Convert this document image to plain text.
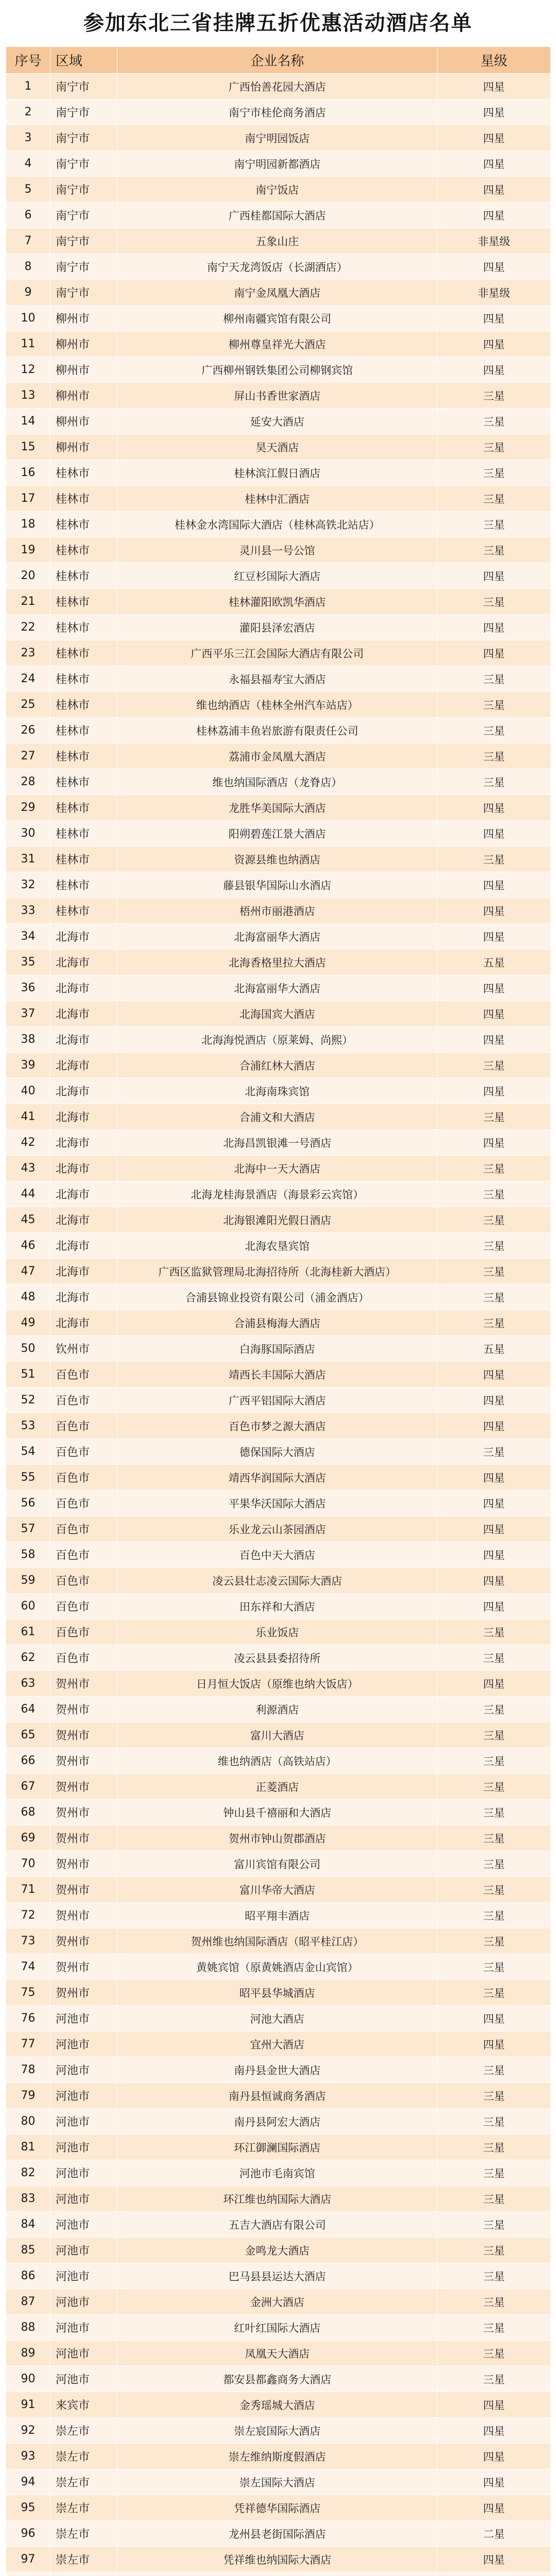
参加东北三省挂牌五折优惠活动酒店名单
序号	区域	企业名称	星级
1	南宁市	广西怡善花园大酒店	四星
2	南宁市	南宁市桂伦商务酒店	四星
3	南宁市	南宁明园饭店	四星
4	南宁市	南宁明园新都酒店	四星
5	南宁市	南宁饭店	四星
6	南宁市	广西桂都国际大酒店	四星
7	南宁市	五象山庄	非星级
8	南宁市	南宁天龙湾饭店（长湖酒店）	四星
9	南宁市	南宁金凤凰大酒店	非星级
10	柳州市	柳州南疆宾馆有限公司	四星
11	柳州市	柳州尊皇祥光大酒店	四星
12	柳州市	广西柳州钢铁集团公司柳钢宾馆	四星
13	柳州市	屏山书香世家酒店	三星
14	柳州市	延安大酒店	三星
15	柳州市	昊天酒店	三星
16	桂林市	桂林滨江假日酒店	三星
17	桂林市	桂林中汇酒店	三星
18	桂林市	桂林金水湾国际大酒店（桂林高铁北站店）	三星
19	桂林市	灵川县一号公馆	三星
20	桂林市	红豆杉国际大酒店	四星
21	桂林市	桂林灌阳欧凯华酒店	三星
22	桂林市	灌阳县泽宏酒店	四星
23	桂林市	广西平乐三江会国际大酒店有限公司	四星
24	桂林市	永福县福寿宝大酒店	三星
25	桂林市	维也纳酒店（桂林全州汽车站店）	三星
26	桂林市	桂林荔浦丰鱼岩旅游有限责任公司	三星
27	桂林市	荔浦市金凤凰大酒店	三星
28	桂林市	维也纳国际酒店（龙脊店）	三星
29	桂林市	龙胜华美国际大酒店	四星
30	桂林市	阳朔碧莲江景大酒店	四星
31	桂林市	资源县维也纳酒店	三星
32	桂林市	藤县银华国际山水酒店	四星
33	桂林市	梧州市丽港酒店	四星
34	北海市	北海富丽华大酒店	四星
35	北海市	北海香格里拉大酒店	五星
36	北海市	北海富丽华大酒店	四星
37	北海市	北海国宾大酒店	四星
38	北海市	北海海悦酒店（原莱姆、尚熙）	四星
39	北海市	合浦红林大酒店	三星
40	北海市	北海南珠宾馆	四星
41	北海市	合浦文和大酒店	三星
42	北海市	北海昌凯银滩一号酒店	四星
43	北海市	北海中一天大酒店	三星
44	北海市	北海龙桂海景酒店（海景彩云宾馆）	三星
45	北海市	北海银滩阳光假日酒店	三星
46	北海市	北海农垦宾馆	三星
47	北海市	广西区监狱管理局北海招待所（北海桂新大酒店）	三星
48	北海市	合浦县锦业投资有限公司（浦金酒店）	三星
49	北海市	合浦县梅海大酒店	三星
50	钦州市	白海豚国际酒店	五星
51	百色市	靖西长丰国际大酒店	四星
52	百色市	广西平铝国际大酒店	四星
53	百色市	百色市梦之源大酒店	四星
54	百色市	德保国际大酒店	三星
55	百色市	靖西华润国际大酒店	四星
56	百色市	平果华沃国际大酒店	四星
57	百色市	乐业龙云山茶园酒店	四星
58	百色市	百色中天大酒店	四星
59	百色市	凌云县壮志凌云国际大酒店	四星
60	百色市	田东祥和大酒店	四星
61	百色市	乐业饭店	三星
62	百色市	凌云县县委招待所	三星
63	贺州市	日月恒大饭店（原维也纳大饭店）	四星
64	贺州市	利源酒店	三星
65	贺州市	富川大酒店	三星
66	贺州市	维也纳酒店（高铁站店）	三星
67	贺州市	正菱酒店	三星
68	贺州市	钟山县千禧丽和大酒店	三星
69	贺州市	贺州市钟山贺郡酒店	三星
70	贺州市	富川宾馆有限公司	三星
71	贺州市	富川华帝大酒店	三星
72	贺州市	昭平翔丰酒店	三星
73	贺州市	贺州维也纳国际酒店（昭平桂江店）	三星
74	贺州市	黄姚宾馆（原黄姚酒店金山宾馆）	三星
75	贺州市	昭平县华城酒店	三星
76	河池市	河池大酒店	四星
77	河池市	宜州大酒店	四星
78	河池市	南丹县金世大酒店	三星
79	河池市	南丹县恒诚商务酒店	三星
80	河池市	南丹县阿宏大酒店	三星
81	河池市	环江御澜国际酒店	三星
82	河池市	河池市毛南宾馆	三星
83	河池市	环江维也纳国际大酒店	三星
84	河池市	五吉大酒店有限公司	三星
85	河池市	金鸣龙大酒店	三星
86	河池市	巴马县县运达大酒店	三星
87	河池市	金洲大酒店	三星
88	河池市	红叶红国际大酒店	三星
89	河池市	凤凰天大酒店	三星
90	河池市	都安县都鑫商务大酒店	三星
91	来宾市	金秀瑶城大酒店	四星
92	崇左市	崇左宸国际大酒店	四星
93	崇左市	崇左维纳斯度假酒店	四星
94	崇左市	崇左国际大酒店	四星
95	崇左市	凭祥德华国际酒店	四星
96	崇左市	龙州县老街国际酒店	二星
97	崇左市	凭祥维也纳国际大酒店	四星
